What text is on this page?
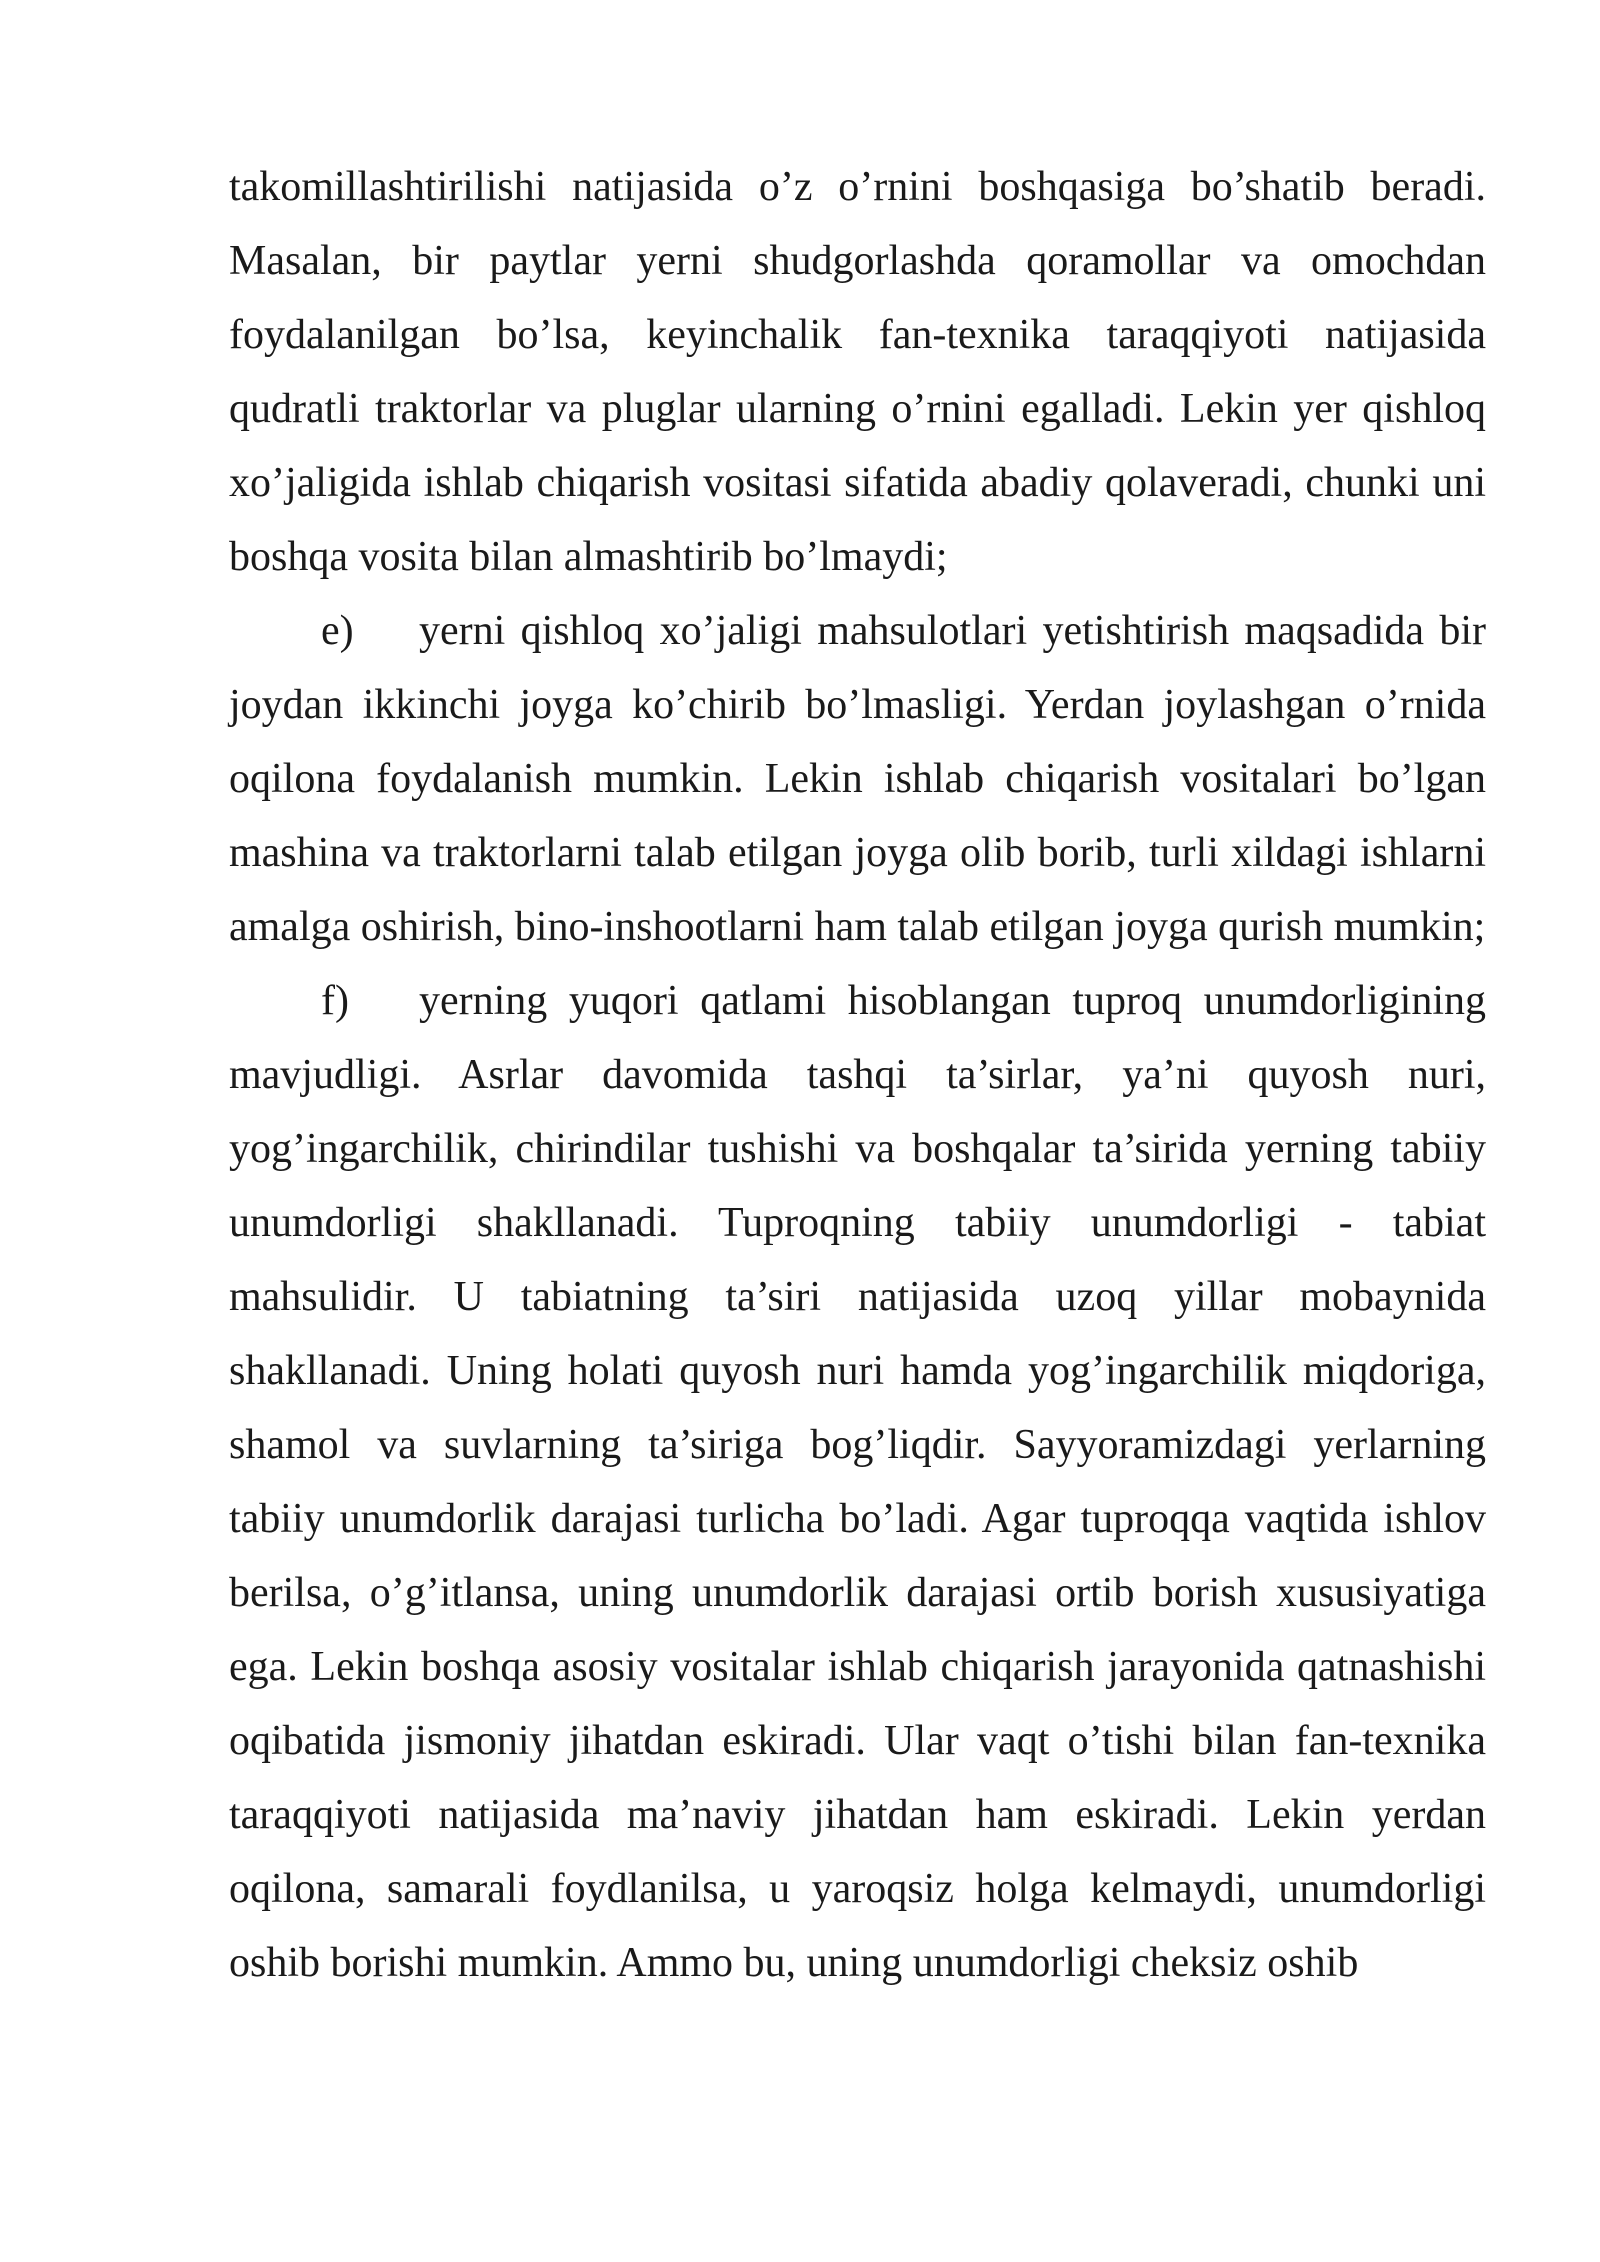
takomillashtirilishi natijasida o’z o’rnini boshqasiga bo’shatib beradi. Masalan, bir paytlar yerni shudgorlashda qoramollar va omochdan foydalanilgan bo’lsa, keyinchalik fan-texnika taraqqiyoti natijasida qudratli traktorlar va pluglar ularning o’rnini egalladi. Lekin yer qishloq xo’jaligida ishlab chiqarish vositasi sifatida abadiy qolaveradi, chunki uni boshqa vosita bilan almashtirib bo’lmaydi;

e) yerni qishloq xo’jaligi mahsulotlari yetishtirish maqsadida bir joydan ikkinchi joyga ko’chirib bo’lmasligi. Yerdan joylashgan o’rnida oqilona foydalanish mumkin. Lekin ishlab chiqarish vositalari bo’lgan mashina va traktorlarni talab etilgan joyga olib borib, turli xildagi ishlarni amalga oshirish, bino-inshootlarni ham talab etilgan joyga qurish mumkin;

f) yerning yuqori qatlami hisoblangan tuproq unumdorligining mavjudligi. Asrlar davomida tashqi ta’sirlar, ya’ni quyosh nuri, yog’ingarchilik, chirindilar tushishi va boshqalar ta’sirida yerning tabiiy unumdorligi shakllanadi. Tuproqning tabiiy unumdorligi - tabiat mahsulidir. U tabiatning ta’siri natijasida uzoq yillar mobaynida shakllanadi. Uning holati quyosh nuri hamda yog’ingarchilik miqdoriga, shamol va suvlarning ta’siriga bog’liqdir. Sayyoramizdagi yerlarning tabiiy unumdorlik darajasi turlicha bo’ladi. Agar tuproqqa vaqtida ishlov berilsa, o’g’itlansa, uning unumdorlik darajasi ortib borish xususiyatiga ega. Lekin boshqa asosiy vositalar ishlab chiqarish jarayonida qatnashishi oqibatida jismoniy jihatdan eskiradi. Ular vaqt o’tishi bilan fan-texnika taraqqiyoti natijasida ma’naviy jihatdan ham eskiradi. Lekin yerdan oqilona, samarali foydlanilsa, u yaroqsiz holga kelmaydi, unumdorligi oshib borishi mumkin. Ammo bu, uning unumdorligi cheksiz oshib
